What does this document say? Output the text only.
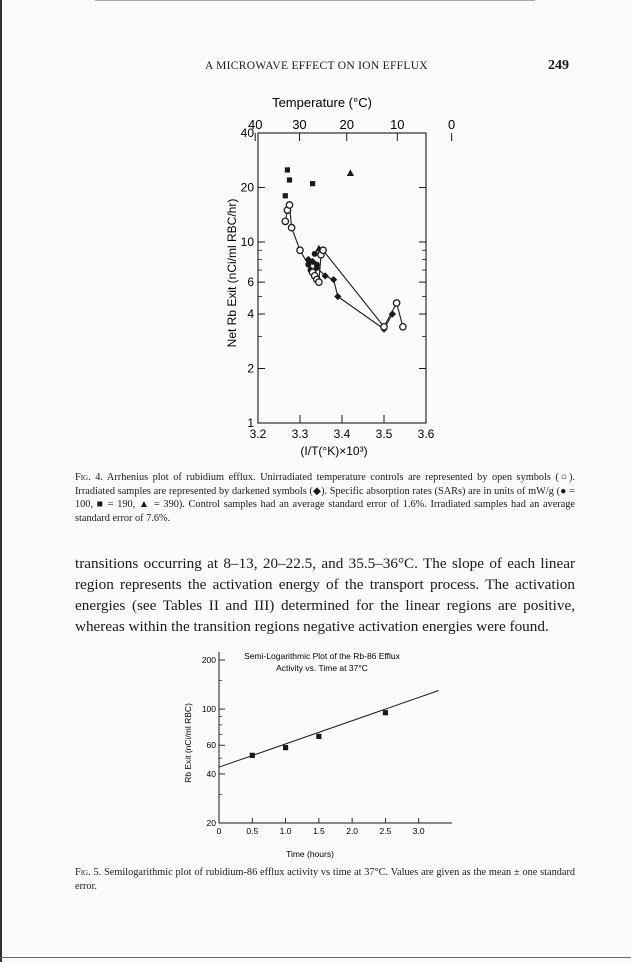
A MICROWAVE EFFECT ON ION EFFLUX	249
3.2 3.3 3.4 3.5 3.6
1
2
4
6
10
20
40
40 30	20	10	0
Temperature (°C)
(I/T(°K)×10³)
Net Rb Exit (nCi/ml RBC/hr)
Fig. 4. Arrhenius plot of rubidium efflux. Unirradiated temperature controls are represented by open symbols (○). Irradiated samples are represented by darkened symbols (◆). Specific absorption rates (SARs) are in units of mW/g (● = 100, ■ = 190, ▲ = 390). Control samples had an average standard error of 1.6%. Irradiated samples had an average standard error of 7.6%.
transitions occurring at 8–13, 20–22.5, and 35.5–36°C. The slope of each linear region represents the activation energy of the transport process. The activation energies (see Tables II and III) determined for the linear regions are positive, whereas within the transition regions negative activation energies were found.
0	0.5	1.0	1.5	2.0	2.5	3.0
20
40
60
100
200	Semi-Logarithmic Plot of the Rb-86 Efflux
Activity vs. Time at 37°C
Time (hours)
Rb Exit (nCi/ml RBC)
Fig. 5. Semilogarithmic plot of rubidium-86 efflux activity vs time at 37°C. Values are given as the mean ± one standard error.
